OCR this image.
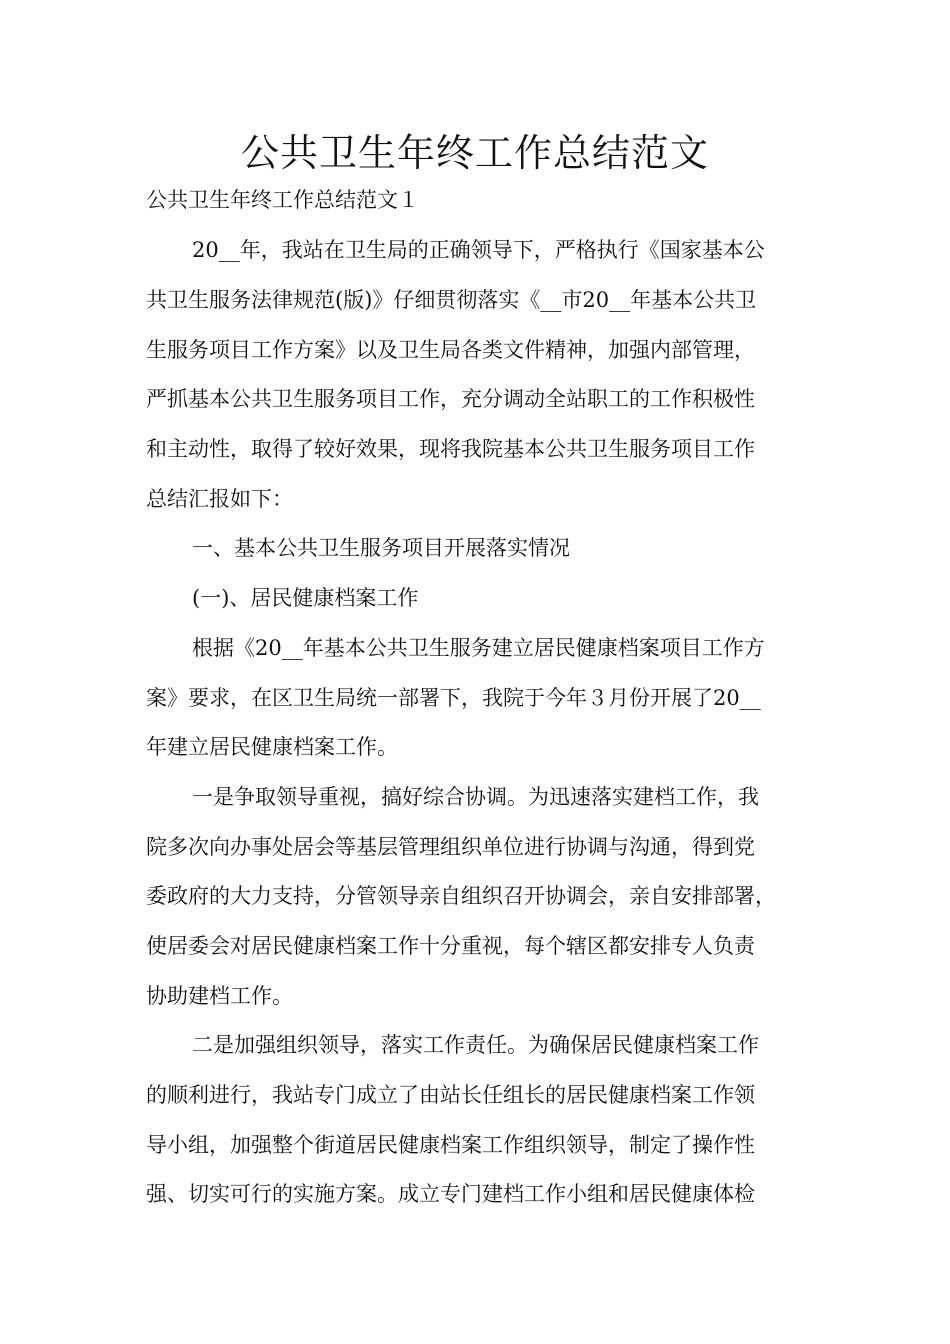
公共卫生年终工作总结范文

公共卫生年终工作总结范文１

20__年，我站在卫生局的正确领导下，严格执行《国家基本公

共卫生服务法律规范(版)》仔细贯彻落实《__市20__年基本公共卫

生服务项目工作方案》以及卫生局各类文件精神，加强内部管理，

严抓基本公共卫生服务项目工作，充分调动全站职工的工作积极性

和主动性，取得了较好效果，现将我院基本公共卫生服务项目工作

总结汇报如下：

一、基本公共卫生服务项目开展落实情况

(一)、居民健康档案工作

根据《20__年基本公共卫生服务建立居民健康档案项目工作方

案》要求，在区卫生局统一部署下，我院于今年３月份开展了20__

年建立居民健康档案工作。

一是争取领导重视，搞好综合协调。为迅速落实建档工作，我

院多次向办事处居会等基层管理组织单位进行协调与沟通，得到党

委政府的大力支持，分管领导亲自组织召开协调会，亲自安排部署，

使居委会对居民健康档案工作十分重视，每个辖区都安排专人负责

协助建档工作。

二是加强组织领导，落实工作责任。为确保居民健康档案工作

的顺利进行，我站专门成立了由站长任组长的居民健康档案工作领

导小组，加强整个街道居民健康档案工作组织领导，制定了操作性

强、切实可行的实施方案。成立专门建档工作小组和居民健康体检
